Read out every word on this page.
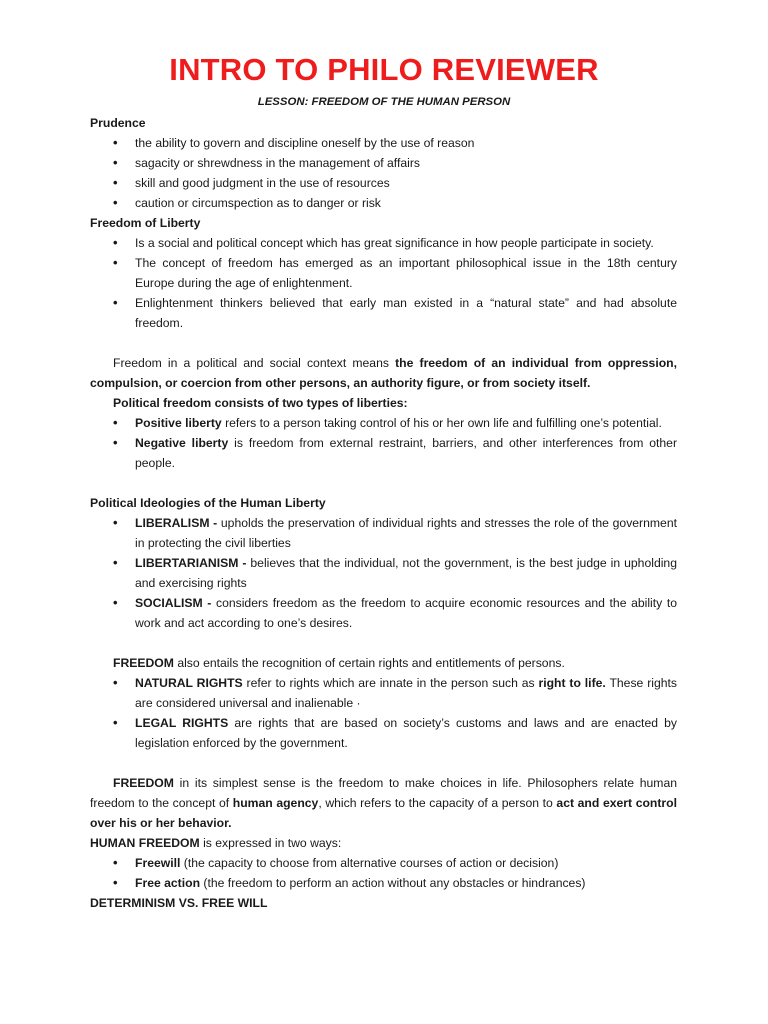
INTRO TO PHILO REVIEWER
LESSON: FREEDOM OF THE HUMAN PERSON
Prudence
• the ability to govern and discipline oneself by the use of reason
• sagacity or shrewdness in the management of affairs
• skill and good judgment in the use of resources
• caution or circumspection as to danger or risk
Freedom of Liberty
• Is a social and political concept which has great significance in how people participate in society.
• The concept of freedom has emerged as an important philosophical issue in the 18th century Europe during the age of enlightenment.
• Enlightenment thinkers believed that early man existed in a “natural state” and had absolute freedom.
Freedom in a political and social context means the freedom of an individual from oppression, compulsion, or coercion from other persons, an authority figure, or from society itself.
Political freedom consists of two types of liberties:
• Positive liberty refers to a person taking control of his or her own life and fulfilling one’s potential.
• Negative liberty is freedom from external restraint, barriers, and other interferences from other people.
Political Ideologies of the Human Liberty
• LIBERALISM - upholds the preservation of individual rights and stresses the role of the government in protecting the civil liberties
• LIBERTARIANISM - believes that the individual, not the government, is the best judge in upholding and exercising rights
• SOCIALISM - considers freedom as the freedom to acquire economic resources and the ability to work and act according to one’s desires.
FREEDOM also entails the recognition of certain rights and entitlements of persons.
• NATURAL RIGHTS refer to rights which are innate in the person such as right to life. These rights are considered universal and inalienable ·
• LEGAL RIGHTS are rights that are based on society’s customs and laws and are enacted by legislation enforced by the government.
FREEDOM in its simplest sense is the freedom to make choices in life. Philosophers relate human freedom to the concept of human agency, which refers to the capacity of a person to act and exert control over his or her behavior.
HUMAN FREEDOM is expressed in two ways:
• Freewill (the capacity to choose from alternative courses of action or decision)
• Free action (the freedom to perform an action without any obstacles or hindrances)
DETERMINISM VS. FREE WILL
